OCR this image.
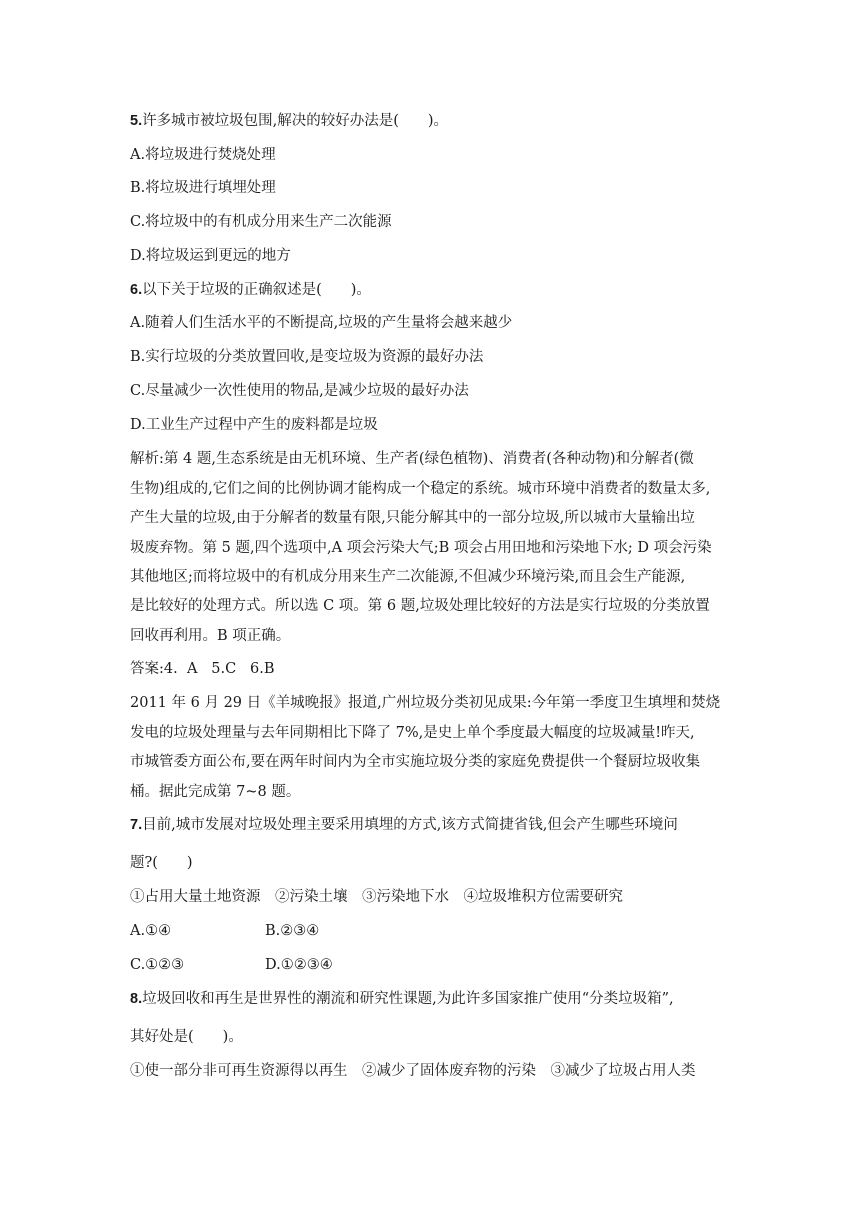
5.许多城市被垃圾包围,解决的较好办法是(　　)。
A.将垃圾进行焚烧处理
B.将垃圾进行填埋处理
C.将垃圾中的有机成分用来生产二次能源
D.将垃圾运到更远的地方
6.以下关于垃圾的正确叙述是(　　)。
A.随着人们生活水平的不断提高,垃圾的产生量将会越来越少
B.实行垃圾的分类放置回收,是变垃圾为资源的最好办法
C.尽量减少一次性使用的物品,是减少垃圾的最好办法
D.工业生产过程中产生的废料都是垃圾
解析:第 4 题,生态系统是由无机环境、生产者(绿色植物)、消费者(各种动物)和分解者(微
生物)组成的,它们之间的比例协调才能构成一个稳定的系统。城市环境中消费者的数量太多,
产生大量的垃圾,由于分解者的数量有限,只能分解其中的一部分垃圾,所以城市大量输出垃
圾废弃物。第 5 题,四个选项中,A 项会污染大气;B 项会占用田地和污染地下水; D 项会污染
其他地区;而将垃圾中的有机成分用来生产二次能源,不但减少环境污染,而且会生产能源,
是比较好的处理方式。所以选 C 项。第 6 题,垃圾处理比较好的方法是实行垃圾的分类放置
回收再利用。B 项正确。
答案:4.  A   5.C   6.B
2011 年 6 月 29 日《羊城晚报》报道,广州垃圾分类初见成果:今年第一季度卫生填埋和焚烧
发电的垃圾处理量与去年同期相比下降了 7%,是史上单个季度最大幅度的垃圾减量!昨天,
市城管委方面公布,要在两年时间内为全市实施垃圾分类的家庭免费提供一个餐厨垃圾收集
桶。据此完成第 7~8 题。
7.目前,城市发展对垃圾处理主要采用填埋的方式,该方式简捷省钱,但会产生哪些环境问
题?(　　)
①占用大量土地资源　②污染土壤　③污染地下水　④垃圾堆积方位需要研究
A.①④	B.②③④
C.①②③	D.①②③④
8.垃圾回收和再生是世界性的潮流和研究性课题,为此许多国家推广使用“分类垃圾箱”,
其好处是(　　)。
①使一部分非可再生资源得以再生　②减少了固体废弃物的污染　③减少了垃圾占用人类
